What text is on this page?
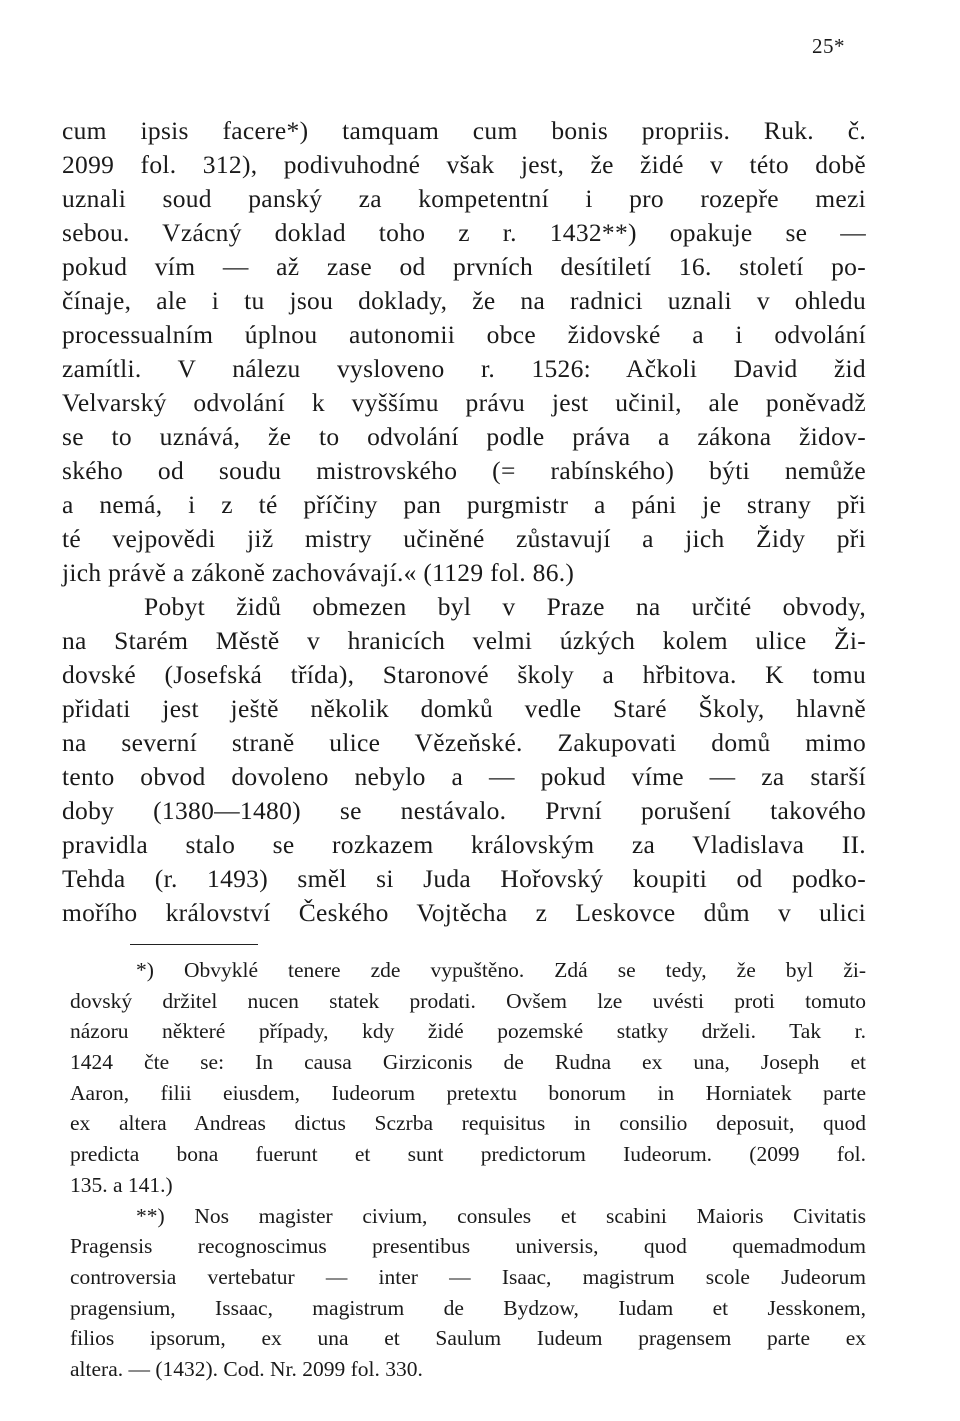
25*
cum ipsis facere*) tamquam cum bonis propriis. Ruk. č.
2099 fol. 312), podivuhodné však jest, že židé v této době
uznali soud panský za kompetentní i pro rozepře mezi
sebou. Vzácný doklad toho z r. 1432**) opakuje se —
pokud vím — až zase od prvních desítiletí 16. století po-
čínaje, ale i tu jsou doklady, že na radnici uznali v ohledu
processualním úplnou autonomii obce židovské a i odvolání
zamítli. V nálezu vysloveno r. 1526: Ačkoli David žid
Velvarský odvolání k vyššímu právu jest učinil, ale poněvadž
se to uznává, že to odvolání podle práva a zákona židov-
ského od soudu mistrovského (= rabínského) býti nemůže
a nemá, i z té příčiny pan purgmistr a páni je strany při
té vejpovědi již mistry učiněné zůstavují a jich Židy při
jich právě a zákoně zachovávají.« (1129 fol. 86.)
Pobyt židů obmezen byl v Praze na určité obvody,
na Starém Městě v hranicích velmi úzkých kolem ulice Ži-
dovské (Josefská třída), Staronové školy a hřbitova. K tomu
přidati jest ještě několik domků vedle Staré Školy, hlavně
na severní straně ulice Vězeňské. Zakupovati domů mimo
tento obvod dovoleno nebylo a — pokud víme — za starší
doby (1380—1480) se nestávalo. První porušení takového
pravidla stalo se rozkazem královským za Vladislava II.
Tehda (r. 1493) směl si Juda Hořovský koupiti od podko-
mořího království Českého Vojtěcha z Leskovce dům v ulici
*) Obvyklé tenere zde vypuštěno. Zdá se tedy, že byl ži-
dovský držitel nucen statek prodati. Ovšem lze uvésti proti tomuto
názoru některé případy, kdy židé pozemské statky drželi. Tak r.
1424 čte se: In causa Girziconis de Rudna ex una, Joseph et
Aaron, filii eiusdem, Iudeorum pretextu bonorum in Horniatek parte
ex altera Andreas dictus Sczrba requisitus in consilio deposuit, quod
predicta bona fuerunt et sunt predictorum Iudeorum. (2099 fol.
135. a 141.)
**) Nos magister civium, consules et scabini Maioris Civitatis
Pragensis recognoscimus presentibus universis, quod quemadmodum
controversia vertebatur — inter — Isaac, magistrum scole Judeorum
pragensium, Issaac, magistrum de Bydzow, Iudam et Jesskonem,
filios ipsorum, ex una et Saulum Iudeum pragensem parte ex
altera. — (1432). Cod. Nr. 2099 fol. 330.
